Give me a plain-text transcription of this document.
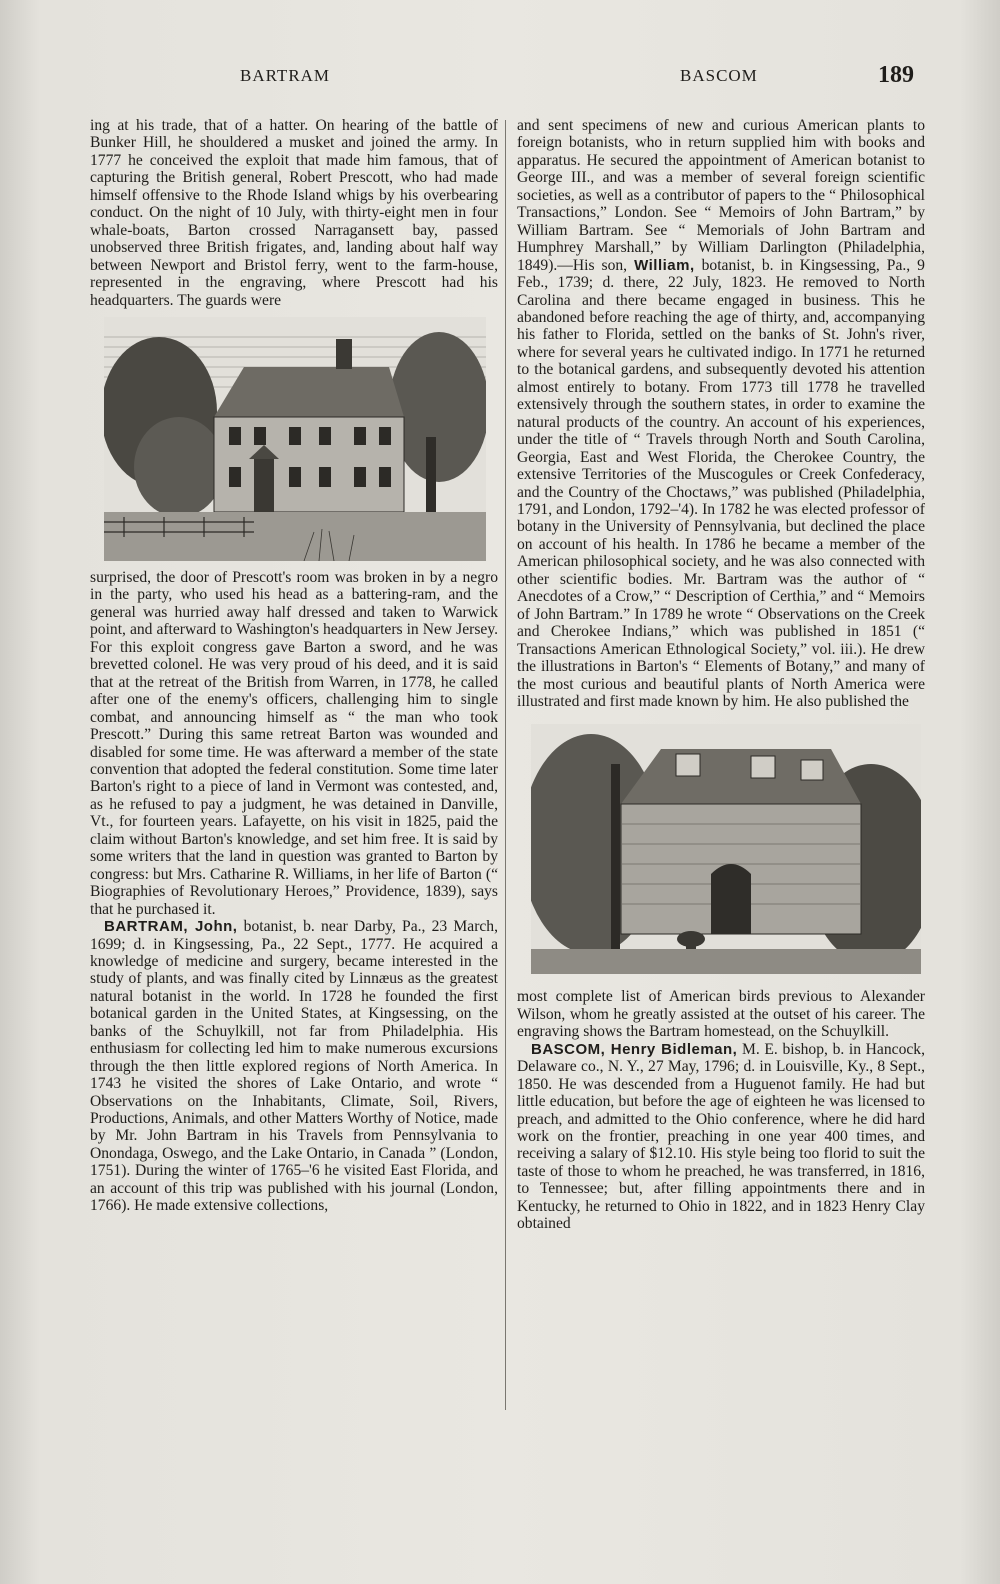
BARTRAM	BASCOM	189

ing at his trade, that of a hatter. On hearing of the battle of Bunker Hill, he shouldered a musket and joined the army. In 1777 he conceived the exploit that made him famous, that of capturing the British general, Robert Prescott, who had made himself offensive to the Rhode Island whigs by his overbearing conduct. On the night of 10 July, with thirty-eight men in four whale-boats, Barton crossed Narragansett bay, passed unobserved three British frigates, and, landing about half way between Newport and Bristol ferry, went to the farm-house, represented in the engraving, where Prescott had his headquarters. The guards were

surprised, the door of Prescott's room was broken in by a negro in the party, who used his head as a battering-ram, and the general was hurried away half dressed and taken to Warwick point, and afterward to Washington's headquarters in New Jersey. For this exploit congress gave Barton a sword, and he was brevetted colonel. He was very proud of his deed, and it is said that at the retreat of the British from Warren, in 1778, he called after one of the enemy's officers, challenging him to single combat, and announcing himself as “ the man who took Prescott.” During this same retreat Barton was wounded and disabled for some time. He was afterward a member of the state convention that adopted the federal constitution. Some time later Barton's right to a piece of land in Vermont was contested, and, as he refused to pay a judgment, he was detained in Danville, Vt., for fourteen years. Lafayette, on his visit in 1825, paid the claim without Barton's knowledge, and set him free. It is said by some writers that the land in question was granted to Barton by congress: but Mrs. Catharine R. Williams, in her life of Barton (“ Biographies of Revolutionary Heroes,” Providence, 1839), says that he purchased it.

BARTRAM, John, botanist, b. near Darby, Pa., 23 March, 1699; d. in Kingsessing, Pa., 22 Sept., 1777. He acquired a knowledge of medicine and surgery, became interested in the study of plants, and was finally cited by Linnæus as the greatest natural botanist in the world. In 1728 he founded the first botanical garden in the United States, at Kingsessing, on the banks of the Schuylkill, not far from Philadelphia. His enthusiasm for collecting led him to make numerous excursions through the then little explored regions of North America. In 1743 he visited the shores of Lake Ontario, and wrote “ Observations on the Inhabitants, Climate, Soil, Rivers, Productions, Animals, and other Matters Worthy of Notice, made by Mr. John Bartram in his Travels from Pennsylvania to Onondaga, Oswego, and the Lake Ontario, in Canada ” (London, 1751). During the winter of 1765–'6 he visited East Florida, and an account of this trip was published with his journal (London, 1766). He made extensive collections,

and sent specimens of new and curious American plants to foreign botanists, who in return supplied him with books and apparatus. He secured the appointment of American botanist to George III., and was a member of several foreign scientific societies, as well as a contributor of papers to the “ Philosophical Transactions,” London. See “ Memoirs of John Bartram,” by William Bartram. See “ Memorials of John Bartram and Humphrey Marshall,” by William Darlington (Philadelphia, 1849).—His son, William, botanist, b. in Kingsessing, Pa., 9 Feb., 1739; d. there, 22 July, 1823. He removed to North Carolina and there became engaged in business. This he abandoned before reaching the age of thirty, and, accompanying his father to Florida, settled on the banks of St. John's river, where for several years he cultivated indigo. In 1771 he returned to the botanical gardens, and subsequently devoted his attention almost entirely to botany. From 1773 till 1778 he travelled extensively through the southern states, in order to examine the natural products of the country. An account of his experiences, under the title of “ Travels through North and South Carolina, Georgia, East and West Florida, the Cherokee Country, the extensive Territories of the Muscogules or Creek Confederacy, and the Country of the Choctaws,” was published (Philadelphia, 1791, and London, 1792–'4). In 1782 he was elected professor of botany in the University of Pennsylvania, but declined the place on account of his health. In 1786 he became a member of the American philosophical society, and he was also connected with other scientific bodies. Mr. Bartram was the author of “ Anecdotes of a Crow,” “ Description of Certhia,” and “ Memoirs of John Bartram.” In 1789 he wrote “ Observations on the Creek and Cherokee Indians,” which was published in 1851 (“ Transactions American Ethnological Society,” vol. iii.). He drew the illustrations in Barton's “ Elements of Botany,” and many of the most curious and beautiful plants of North America were illustrated and first made known by him. He also published the

most complete list of American birds previous to Alexander Wilson, whom he greatly assisted at the outset of his career. The engraving shows the Bartram homestead, on the Schuylkill.

BASCOM, Henry Bidleman, M. E. bishop, b. in Hancock, Delaware co., N. Y., 27 May, 1796; d. in Louisville, Ky., 8 Sept., 1850. He was descended from a Huguenot family. He had but little education, but before the age of eighteen he was licensed to preach, and admitted to the Ohio conference, where he did hard work on the frontier, preaching in one year 400 times, and receiving a salary of $12.10. His style being too florid to suit the taste of those to whom he preached, he was transferred, in 1816, to Tennessee; but, after filling appointments there and in Kentucky, he returned to Ohio in 1822, and in 1823 Henry Clay obtained
